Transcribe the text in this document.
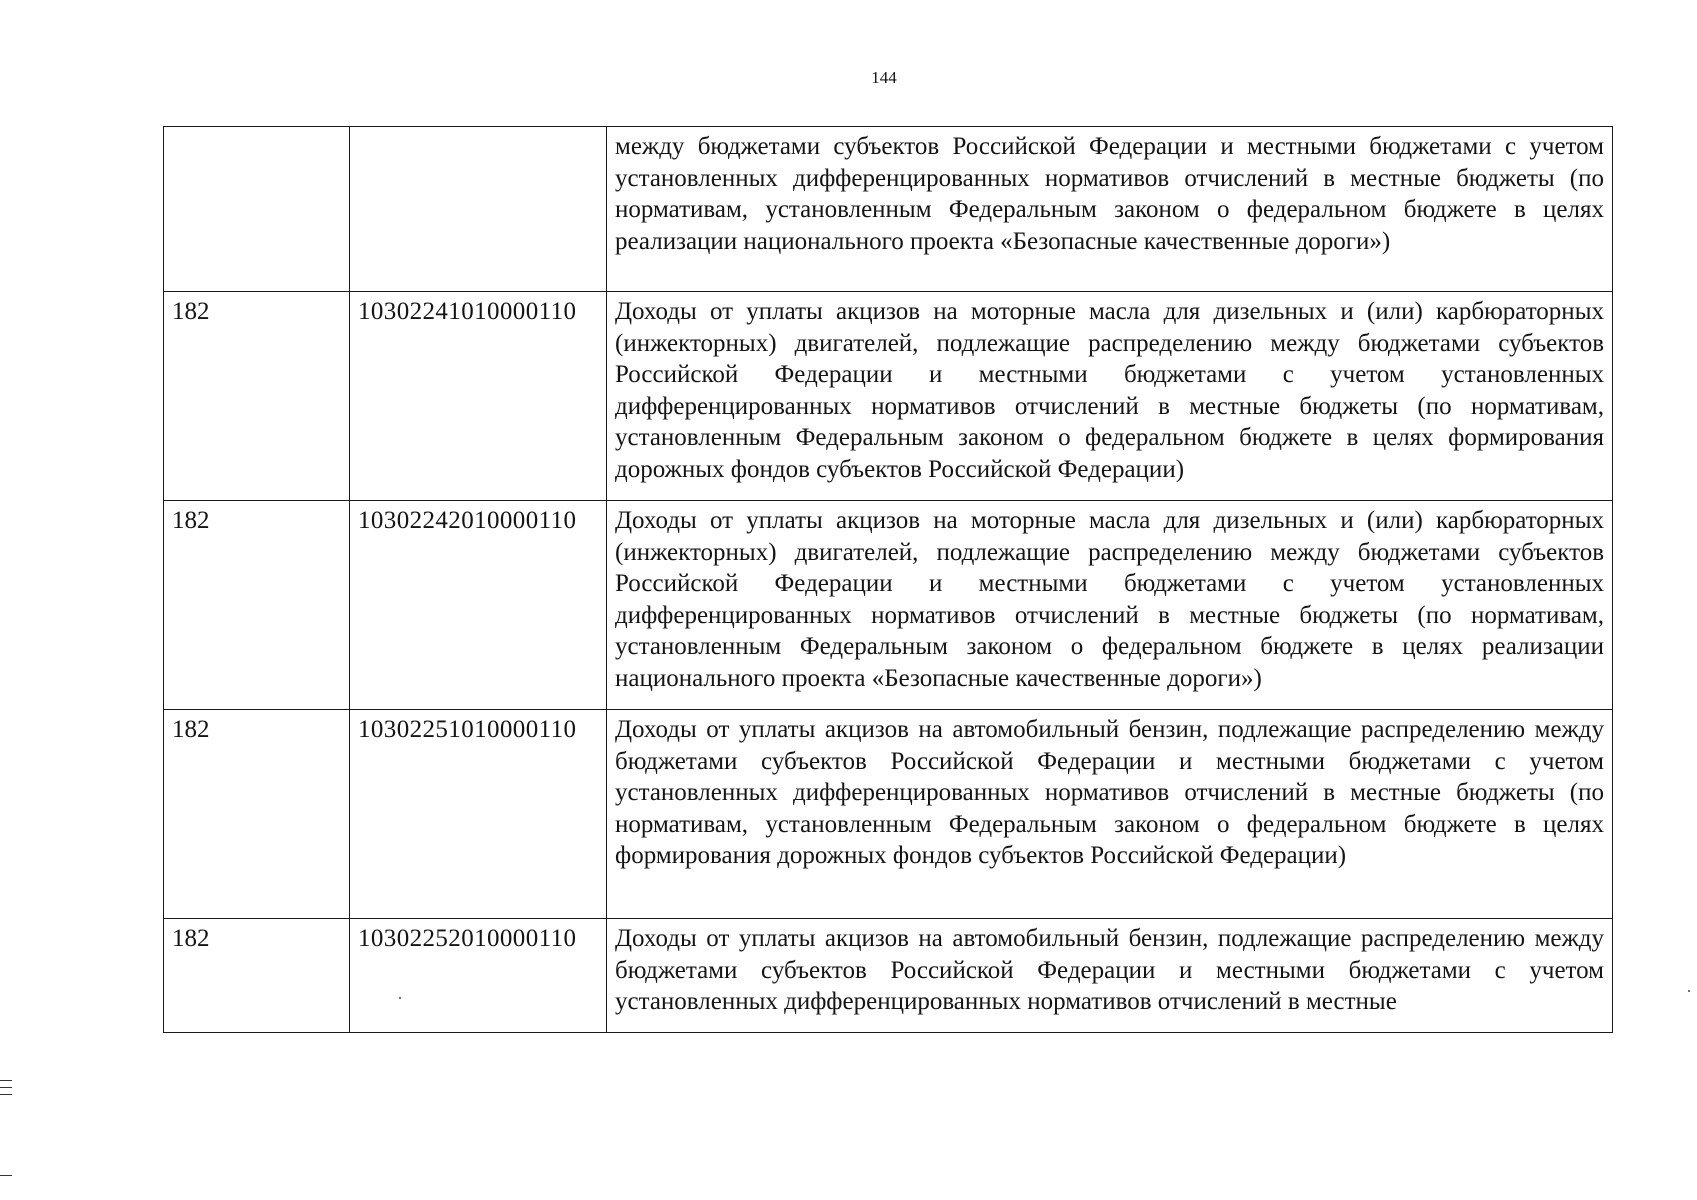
144
		между бюджетами субъектов Российской Федерации и местными бюджетами с учетом установленных дифференцированных нормативов отчислений в местные бюджеты (по нормативам, установленным Федеральным законом о федеральном бюджете в целях реализации национального проекта «Безопасные качественные дороги»)
182	10302241010000110	Доходы от уплаты акцизов на моторные масла для дизельных и (или) карбюраторных (инжекторных) двигателей, подлежащие распределению между бюджетами субъектов Российской Федерации и местными бюджетами с учетом установленных дифференцированных нормативов отчислений в местные бюджеты (по нормативам, установленным Федеральным законом о федеральном бюджете в целях формирования дорожных фондов субъектов Российской Федерации)
182	10302242010000110	Доходы от уплаты акцизов на моторные масла для дизельных и (или) карбюраторных (инжекторных) двигателей, подлежащие распределению между бюджетами субъектов Российской Федерации и местными бюджетами с учетом установленных дифференцированных нормативов отчислений в местные бюджеты (по нормативам, установленным Федеральным законом о федеральном бюджете в целях реализации национального проекта «Безопасные качественные дороги»)
182	10302251010000110	Доходы от уплаты акцизов на автомобильный бензин, подлежащие распределению между бюджетами субъектов Российской Федерации и местными бюджетами с учетом установленных дифференцированных нормативов отчислений в местные бюджеты (по нормативам, установленным Федеральным законом о федеральном бюджете в целях формирования дорожных фондов субъектов Российской Федерации)
182	10302252010000110	Доходы от уплаты акцизов на автомобильный бензин, подлежащие распределению между бюджетами субъектов Российской Федерации и местными бюджетами с учетом установленных дифференцированных нормативов отчислений в местные
